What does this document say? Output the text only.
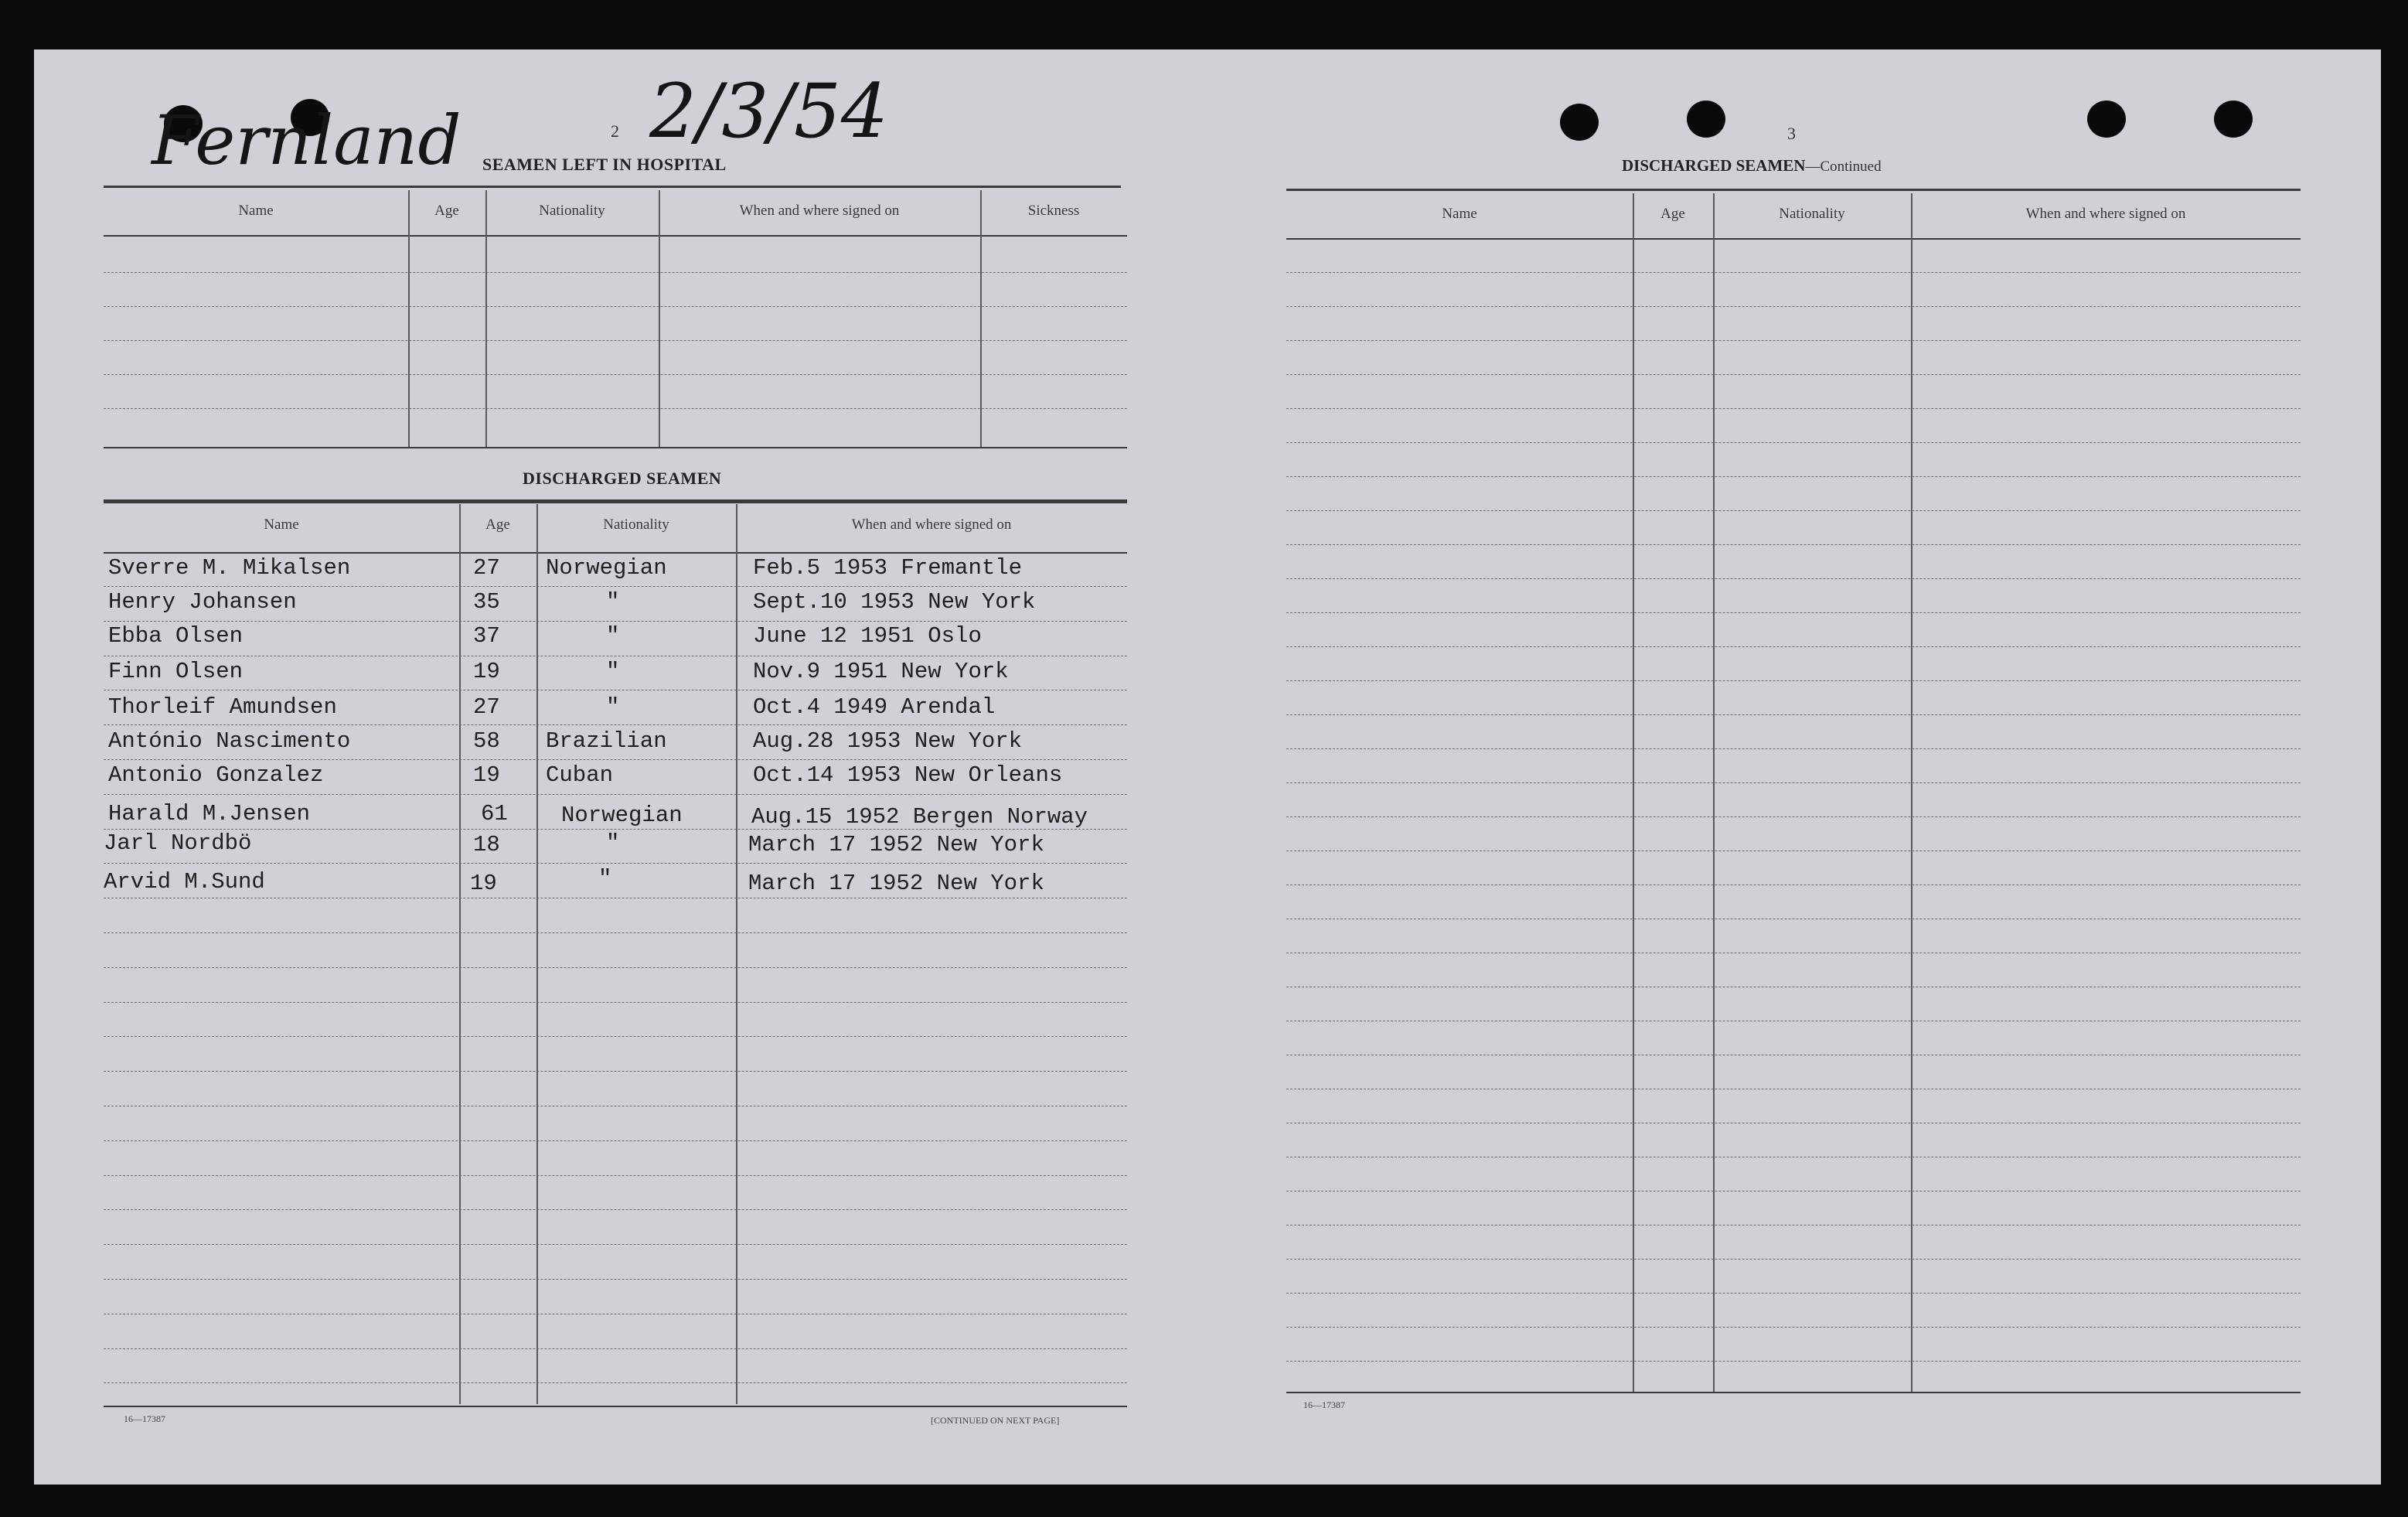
Fernland	2/3/54
2
SEAMEN LEFT IN HOSPITAL
Name	Age	Nationality	When and where signed on	Sickness
DISCHARGED SEAMEN
Name	Age	Nationality	When and where signed on
Sverre M. Mikalsen	27 Norwegian	Feb.5 1953 Fremantle
Henry Johansen	35	"	Sept.10 1953 New York
Ebba Olsen	37	"	June 12 1951 Oslo
Finn Olsen	19	"	Nov.9 1951 New York
Thorleif Amundsen	27	"	Oct.4 1949 Arendal
António Nascimento	58 Brazilian	Aug.28 1953 New York
Antonio Gonzalez	19 Cuban	Oct.14 1953 New Orleans
Harald M.Jensen	61 Norwegian	Aug.15 1952 Bergen Norway
Jarl Nordbö	18	"	March 17 1952 New York
Arvid M.Sund	19	"	March 17 1952 New York
16—17387	[CONTINUED ON NEXT PAGE]
3
DISCHARGED SEAMEN—Continued
Name	Age	Nationality	When and where signed on
16—17387
